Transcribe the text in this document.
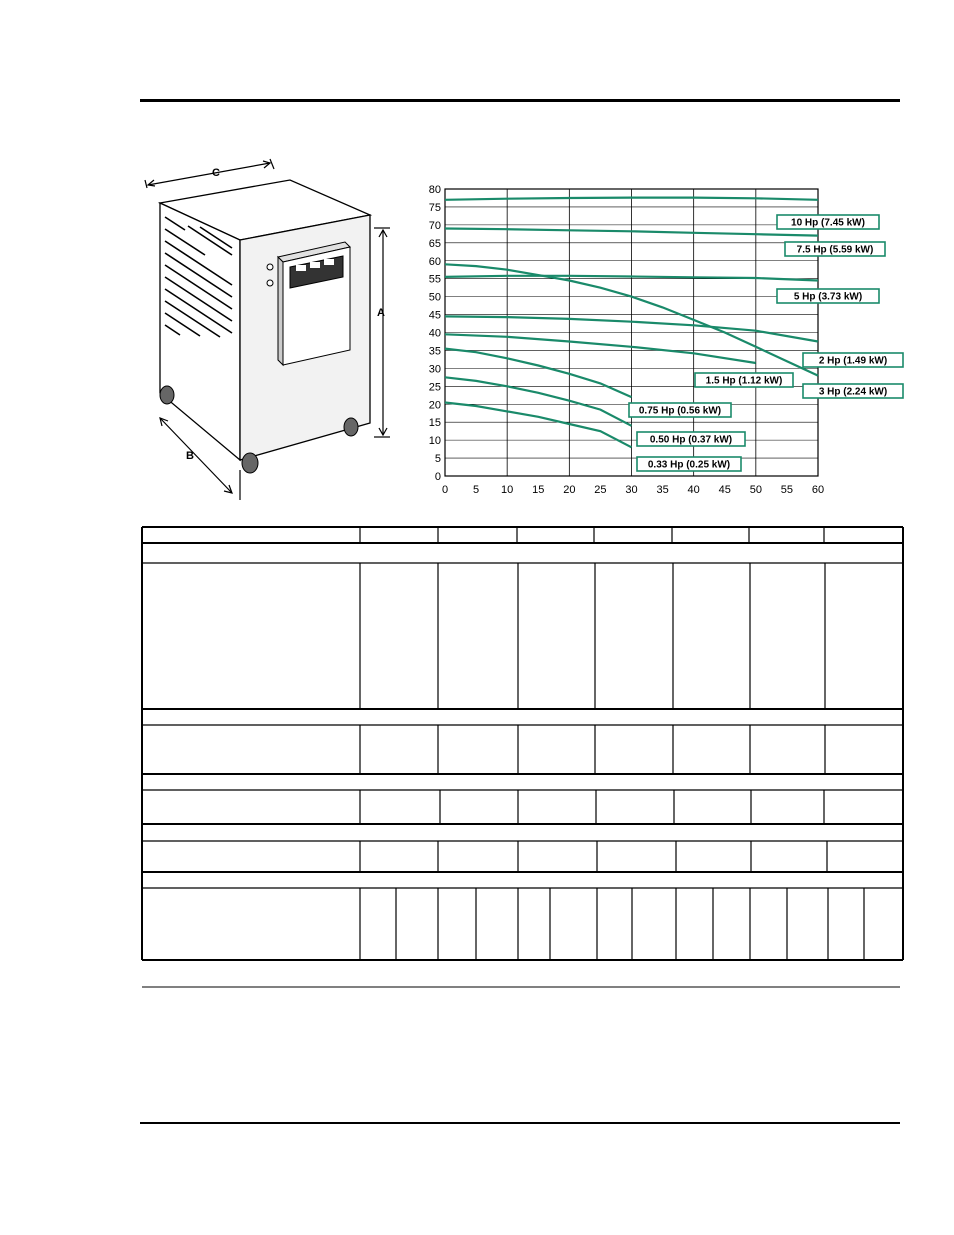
C
A
B
0
5
10
15
20
25
30
35
40
45
50
55
60
65
70
75
80
0 5 10 15 20 25 30 35 40 45 50 55 60
10 Hp (7.45 kW)
7.5 Hp (5.59 kW)
5 Hp (3.73 kW)
3 Hp (2.24 kW)
2 Hp (1.49 kW)
1.5 Hp (1.12 kW)
0.75 Hp (0.56 kW)
0.50 Hp (0.37 kW)
0.33 Hp (0.25 kW)
